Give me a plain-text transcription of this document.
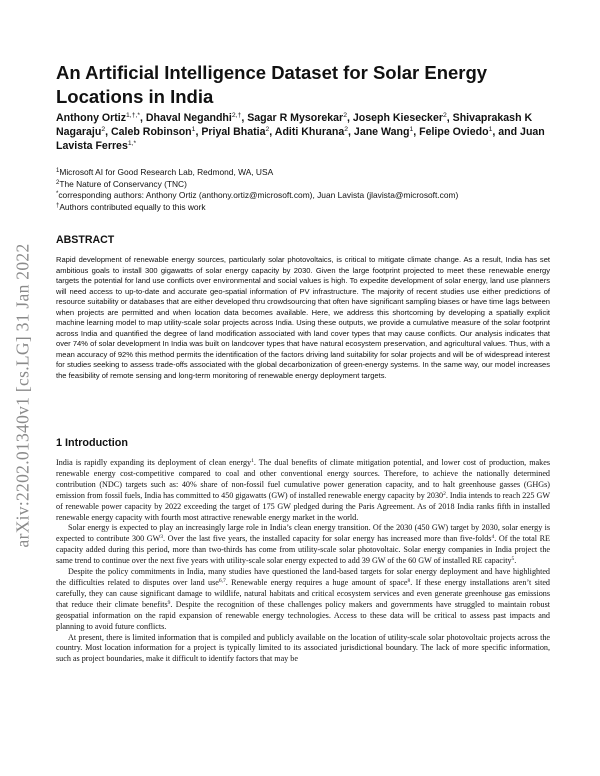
arXiv:2202.01340v1 [cs.LG] 31 Jan 2022
An Artificial Intelligence Dataset for Solar Energy Locations in India
Anthony Ortiz$^{1,\dagger,*}$, Dhaval Negandhi$^{2,\dagger}$, Sagar R Mysorekar$^2$, Joseph Kiesecker$^2$, Shivaprakash K Nagaraju$^2$, Caleb Robinson$^1$, Priyal Bhatia$^2$, Aditi Khurana$^2$, Jane Wang$^1$, Felipe Oviedo$^1$, and Juan Lavista Ferres$^{1,*}$
$^1$Microsoft AI for Good Research Lab, Redmond, WA, USA
$^2$The Nature of Conservancy (TNC)
*corresponding authors: Anthony Ortiz (anthony.ortiz@microsoft.com), Juan Lavista (jlavista@microsoft.com)
†Authors contributed equally to this work
ABSTRACT

Rapid development of renewable energy sources, particularly solar photovoltaics, is critical to mitigate climate change. As a result, India has set ambitious goals to install 300 gigawatts of solar energy capacity by 2030. Given the large footprint projected to meet these renewable energy targets the potential for land use conflicts over environmental and social values is high. To expedite development of solar energy, land use planners will need access to up-to-date and accurate geo-spatial information of PV infrastructure. The majority of recent studies use either predictions of resource suitability or databases that are either developed thru crowdsourcing that often have significant sampling biases or have time lags between when projects are permitted and when location data becomes available. Here, we address this shortcoming by developing a spatially explicit machine learning model to map utility-scale solar projects across India. Using these outputs, we provide a cumulative measure of the solar footprint across India and quantified the degree of land modification associated with land cover types that may cause conflicts. Our analysis indicates that over 74% of solar development In India was built on landcover types that have natural ecosystem preservation, and agricultural values. Thus, with a mean accuracy of 92% this method permits the identification of the factors driving land suitability for solar projects and will be of widespread interest for studies seeking to assess trade-offs associated with the global decarbonization of green-energy systems. In the same way, our model increases the feasibility of remote sensing and long-term monitoring of renewable energy deployment targets.

1 Introduction

India is rapidly expanding its deployment of clean energy$^1$. The dual benefits of climate mitigation potential, and lower cost of production, makes renewable energy cost-competitive compared to coal and other conventional energy sources. Therefore, to achieve the nationally determined contribution (NDC) targets such as: 40% share of non-fossil fuel cumulative power generation capacity, and to halt greenhouse gasses (GHGs) emission from fossil fuels, India has committed to 450 gigawatts (GW) of installed renewable energy capacity by 2030$^2$. India intends to reach 225 GW of renewable power capacity by 2022 exceeding the target of 175 GW pledged during the Paris Agreement. As of 2018 India ranks fifth in installed renewable energy capacity with fourth most attractive renewable energy market in the world.

Solar energy is expected to play an increasingly large role in India’s clean energy transition. Of the 2030 (450 GW) target by 2030, solar energy is expected to contribute 300 $GW^3$. Over the last five years, the installed capacity for solar energy has increased more than five-folds$^4$. Of the total RE capacity added during this period, more than two-thirds has come from utility-scale solar photovoltaic. Solar energy companies in India project the same trend to continue over the next five years with utility-scale solar energy expected to add 39 GW of the 60 GW of installed RE capacity$^5$.

Despite the policy commitments in India, many studies have questioned the land-based targets for solar energy deployment and have highlighted the difficulties related to disputes over land use$^{6,7}$. Renewable energy requires a huge amount of space$^8$. If these energy installations aren’t sited carefully, they can cause significant damage to wildlife, natural habitats and critical ecosystem services and even generate greenhouse gas emissions that reduce their climate benefits$^9$. Despite the recognition of these challenges policy makers and governments have struggled to maintain robust geospatial information on the rapid expansion of renewable energy technologies. Access to these data will be critical to assess past impacts and planning to avoid future conflicts.

At present, there is limited information that is compiled and publicly available on the location of utility-scale solar photovoltaic projects across the country. Most location information for a project is typically limited to its associated jurisdictional boundary. The lack of more specific information, such as project boundaries, make it difficult to identify factors that may be
